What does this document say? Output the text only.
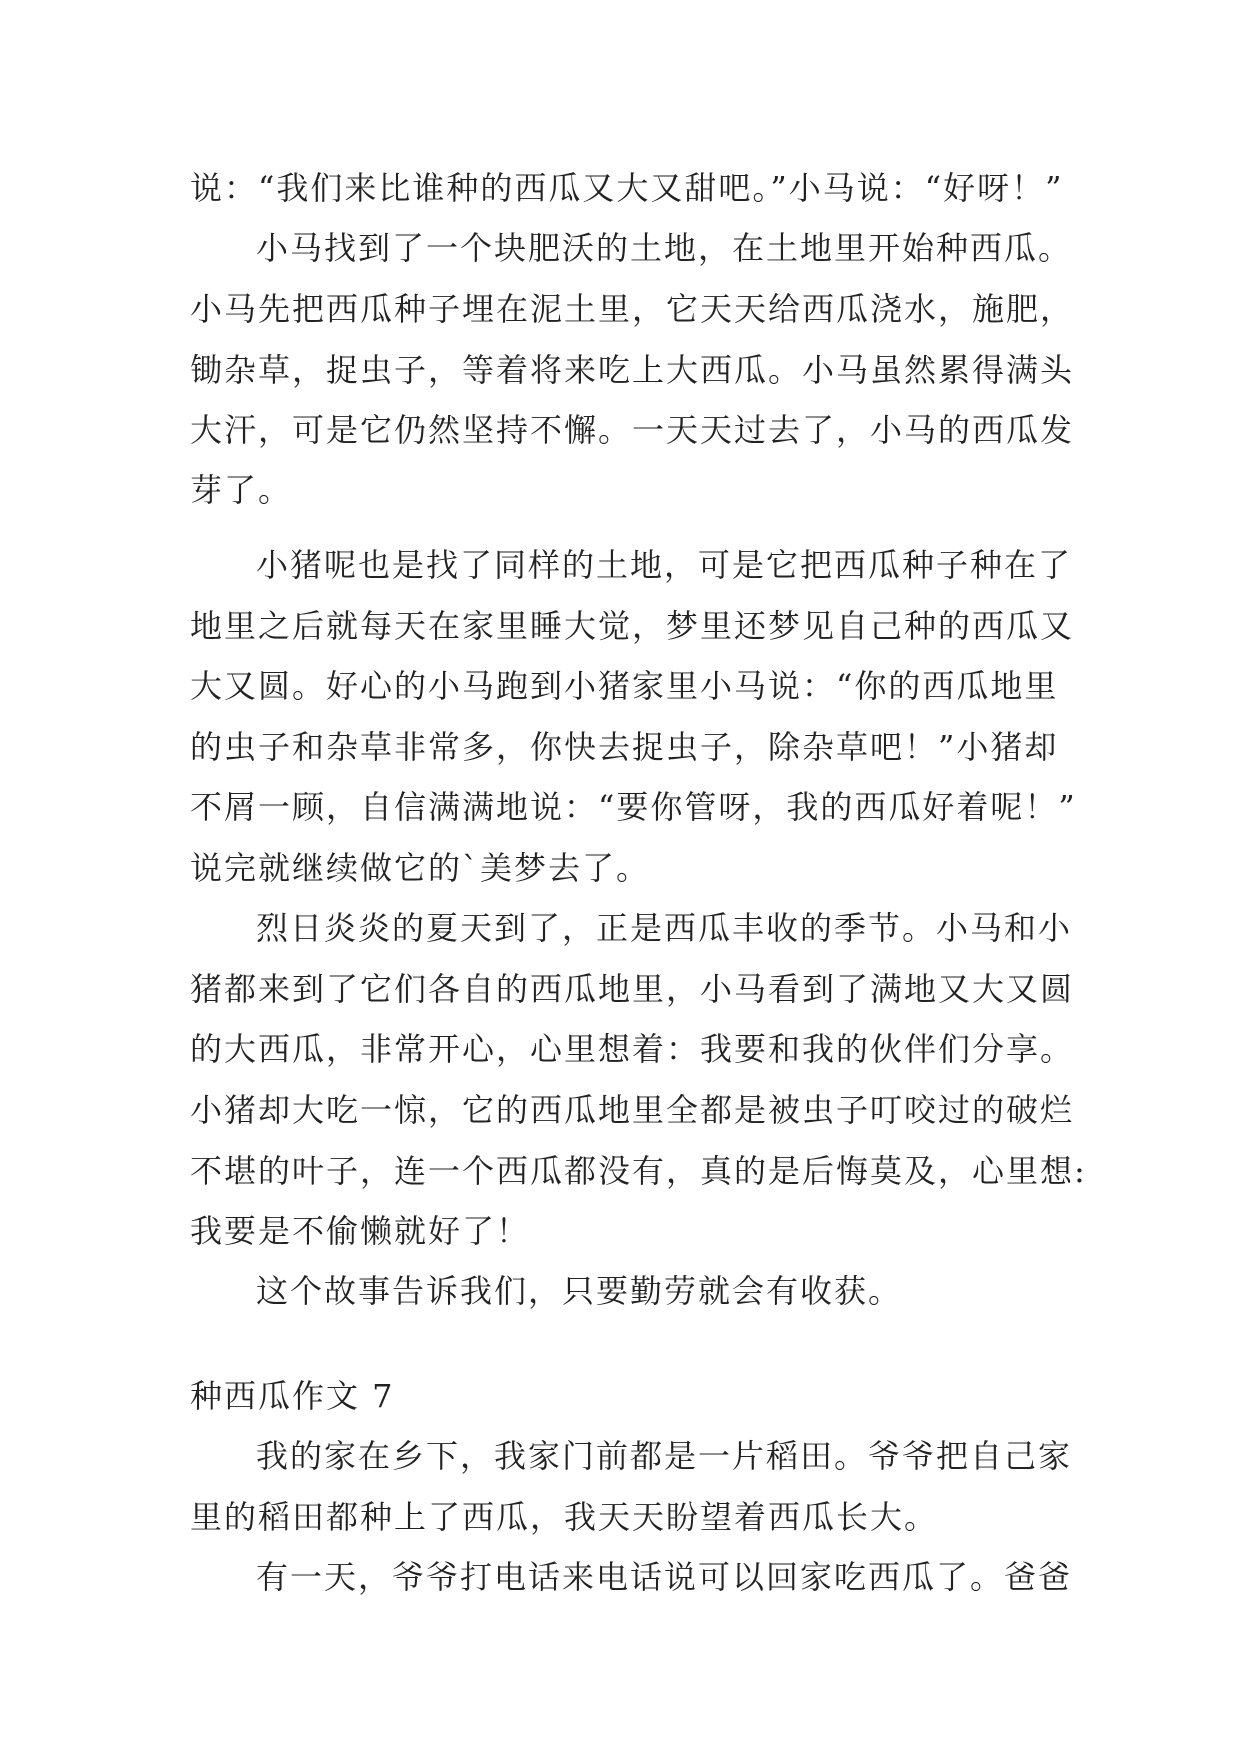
说：“我们来比谁种的西瓜又大又甜吧。”小马说：“好呀！”
小马找到了一个块肥沃的土地，在土地里开始种西瓜。
小马先把西瓜种子埋在泥土里，它天天给西瓜浇水，施肥，
锄杂草，捉虫子，等着将来吃上大西瓜。小马虽然累得满头
大汗，可是它仍然坚持不懈。一天天过去了，小马的西瓜发
芽了。
小猪呢也是找了同样的土地，可是它把西瓜种子种在了
地里之后就每天在家里睡大觉，梦里还梦见自己种的西瓜又
大又圆。好心的小马跑到小猪家里小马说：“你的西瓜地里
的虫子和杂草非常多，你快去捉虫子，除杂草吧！”小猪却
不屑一顾，自信满满地说：“要你管呀，我的西瓜好着呢！”
说完就继续做它的`美梦去了。
烈日炎炎的夏天到了，正是西瓜丰收的季节。小马和小
猪都来到了它们各自的西瓜地里，小马看到了满地又大又圆
的大西瓜，非常开心，心里想着：我要和我的伙伴们分享。
小猪却大吃一惊，它的西瓜地里全都是被虫子叮咬过的破烂
不堪的叶子，连一个西瓜都没有，真的是后悔莫及，心里想:
我要是不偷懒就好了！
这个故事告诉我们，只要勤劳就会有收获。
种西瓜作文 7
我的家在乡下，我家门前都是一片稻田。爷爷把自己家
里的稻田都种上了西瓜，我天天盼望着西瓜长大。
有一天，爷爷打电话来电话说可以回家吃西瓜了。爸爸
